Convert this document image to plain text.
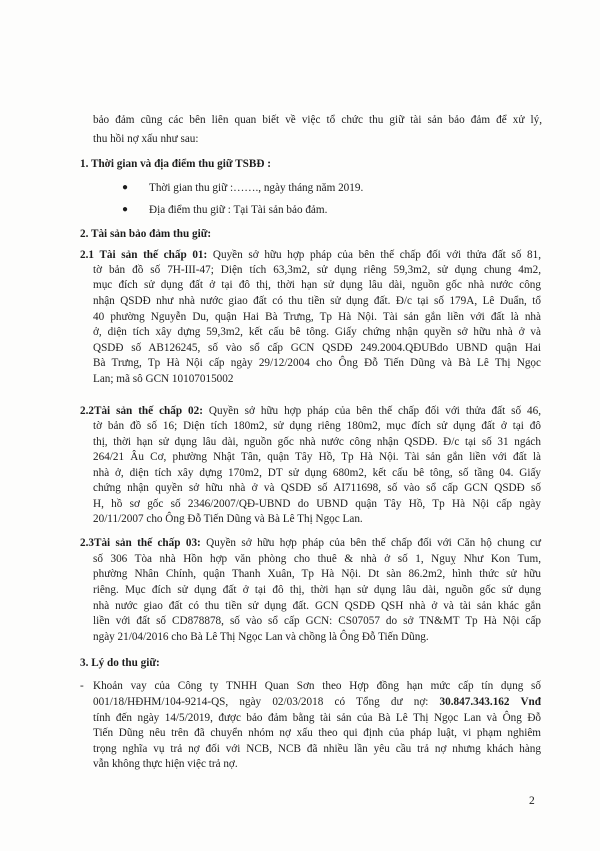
bảo đảm cũng các bên liên quan biết về việc tổ chức thu giữ tài sản bảo đảm để xử lý,

thu hồi nợ xấu như sau:

1. Thời gian và địa điểm thu giữ TSBĐ :

● Thời gian thu giữ :……., ngày tháng năm 2019.

● Địa điểm thu giữ : Tại Tài sản bảo đảm.

2. Tài sản bảo đảm thu giữ:

2.1 Tài sản thế chấp 01: Quyền sở hữu hợp pháp của bên thế chấp đối với thửa đất số 81,

tờ bản đồ số 7H-III-47; Diện tích 63,3m2, sử dụng riêng 59,3m2, sử dụng chung 4m2,

mục đích sử dụng đất ở tại đô thị, thời hạn sử dụng lâu dài, nguồn gốc nhà nước công

nhận QSDĐ như nhà nước giao đất có thu tiền sử dụng đất. Đ/c tại số 179A, Lê Duẩn, tổ

40 phường Nguyễn Du, quận Hai Bà Trưng, Tp Hà Nội. Tài sản gắn liền với đất là nhà

ở, diện tích xây dựng 59,3m2, kết cấu bê tông. Giấy chứng nhận quyền sở hữu nhà ở và

QSDĐ số AB126245, số vào sổ cấp GCN QSDĐ 249.2004.QĐUBdo UBND quận Hai

Bà Trưng, Tp Hà Nội cấp ngày 29/12/2004 cho Ông Đỗ Tiến Dũng và Bà Lê Thị Ngọc

Lan; mã sô GCN 10107015002

2.2Tài sản thế chấp 02: Quyền sở hữu hợp pháp của bên thế chấp đối với thửa đất số 46,

tờ bản đồ số 16; Diện tích 180m2, sử dụng riêng 180m2, mục đích sử dụng đất ở tại đô

thị, thời hạn sử dụng lâu dài, nguồn gốc nhà nước công nhận QSDĐ. Đ/c tại số 31 ngách

264/21 Âu Cơ, phường Nhật Tân, quận Tây Hồ, Tp Hà Nội. Tài sản gắn liền với đất là

nhà ở, diện tích xây dựng 170m2, DT sử dụng 680m2, kết cấu bê tông, số tầng 04. Giấy

chứng nhận quyền sở hữu nhà ở và QSDĐ số AI711698, số vào sổ cấp GCN QSDĐ số

H, hồ sơ gốc số 2346/2007/QĐ-UBND do UBND quận Tây Hồ, Tp Hà Nội cấp ngày

20/11/2007 cho Ông Đỗ Tiến Dũng và Bà Lê Thị Ngọc Lan.

2.3Tài sản thế chấp 03: Quyền sở hữu hợp pháp của bên thế chấp đối với Căn hộ chung cư

số 306 Tòa nhà Hồn hợp văn phòng cho thuê & nhà ở số 1, Nguỵ Như Kon Tum,

phường Nhân Chính, quận Thanh Xuân, Tp Hà Nội. Dt sàn 86.2m2, hình thức sử hữu

riêng. Mục đích sử dụng đất ở tại đô thị, thời hạn sử dụng lâu dài, nguồn gốc sử dụng

nhà nước giao đất có thu tiền sử dụng đất. GCN QSDĐ QSH nhà ở và tài sản khác gắn

liền với đất số CD878878, số vào sổ cấp GCN: CS07057 do sở TN&MT Tp Hà Nội cấp

ngày 21/04/2016 cho Bà Lê Thị Ngọc Lan và chồng là Ông Đỗ Tiến Dũng.

3. Lý do thu giữ:

- Khoản vay của Công ty TNHH Quan Sơn theo Hợp đồng hạn mức cấp tín dụng số

001/18/HĐHM/104-9214-QS, ngày 02/03/2018 có Tổng dư nợ: 30.847.343.162 Vnđ

tính đến ngày 14/5/2019, được bảo đảm bằng tài sản của Bà Lê Thị Ngọc Lan và Ông Đỗ

Tiến Dũng nêu trên đã chuyển nhóm nợ xấu theo qui định của pháp luật, vi phạm nghiêm

trọng nghĩa vụ trả nợ đối với NCB, NCB đã nhiều lần yêu cầu trả nợ nhưng khách hàng

vẫn không thực hiện việc trả nợ.

2
